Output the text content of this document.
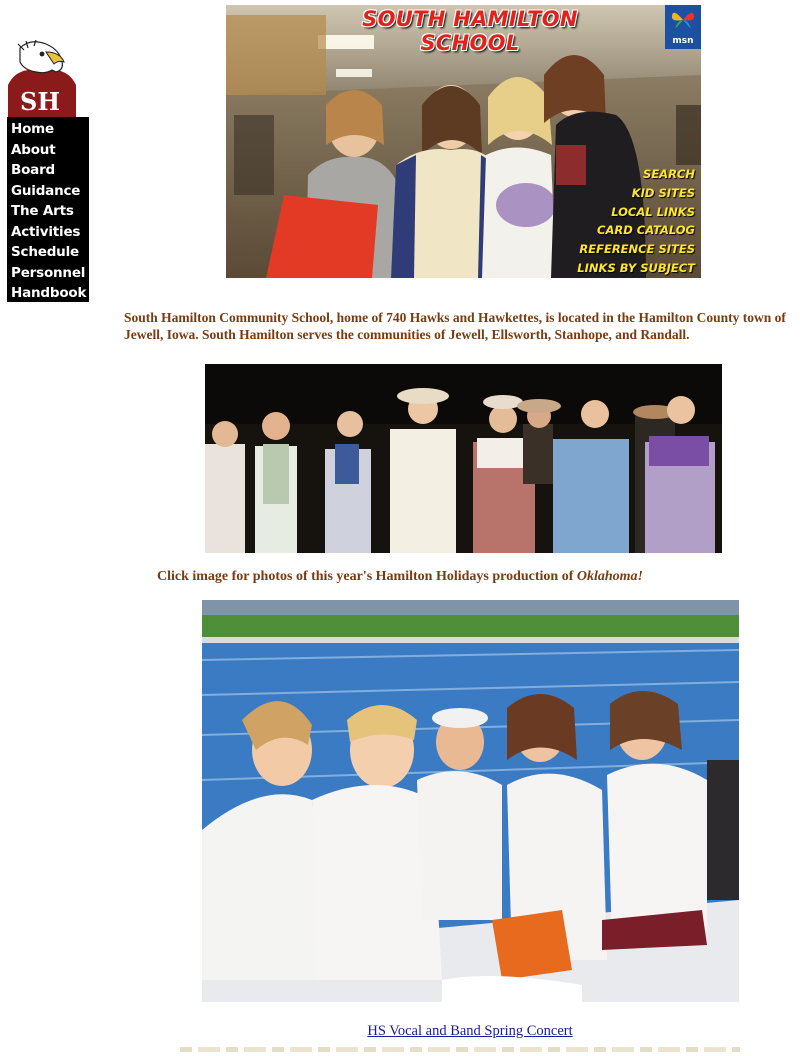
SH
Home
About
Board
Guidance
The Arts
Activities
Schedule
Personnel
Handbook
SOUTH HAMILTON SCHOOL	msn
SEARCH
KID SITES
LOCAL LINKS
CARD CATALOG
REFERENCE SITES
LINKS BY SUBJECT

South Hamilton Community School, home of 740 Hawks and Hawkettes, is located in the Hamilton County town of Jewell, Iowa. South Hamilton serves the communities of Jewell, Ellsworth, Stanhope, and Randall.

Click image for photos of this year's Hamilton Holidays production of Oklahoma!
HS Vocal and Band Spring Concert
